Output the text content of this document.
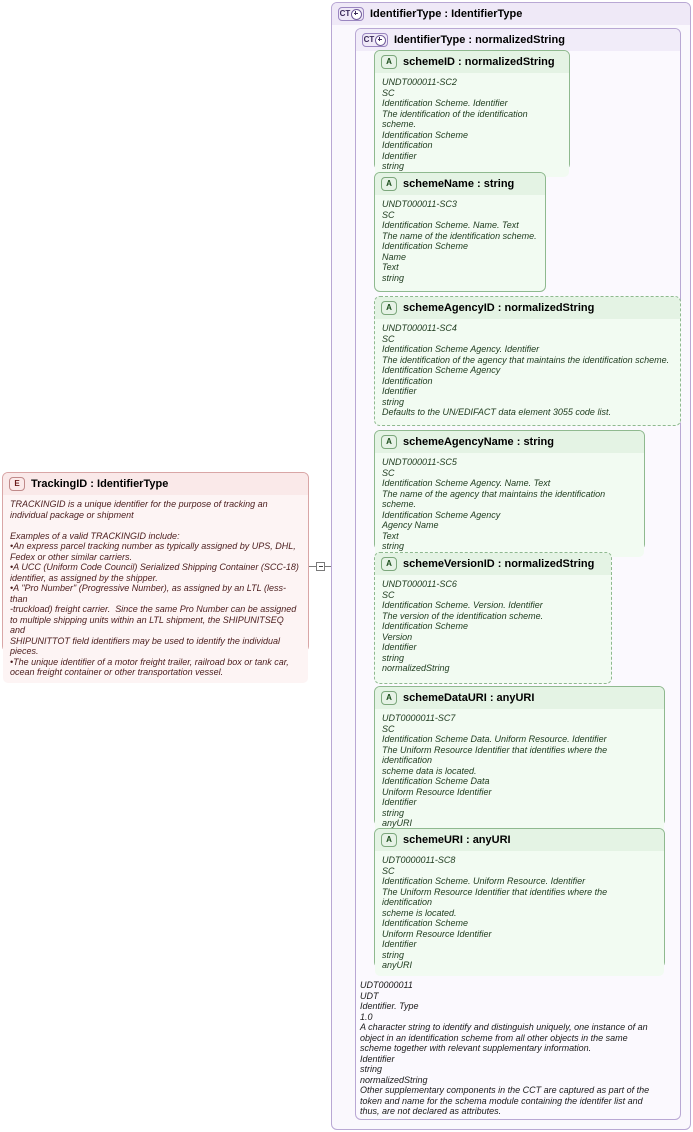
CT IdentifierType : IdentifierType
CT IdentifierType : normalizedString
E	TrackingID : IdentifierType
TRACKINGID is a unique identifier for the purpose of tracking an
individual package or shipment

Examples of a valid TRACKINGID include:
•An express parcel tracking number as typically assigned by UPS, DHL,
Fedex or other similar carriers.
•A UCC (Uniform Code Council) Serialized Shipping Container (SCC-18)
identifier, as assigned by the shipper.
•A "Pro Number" (Progressive Number), as assigned by an LTL (less-than
-truckload) freight carrier.  Since the same Pro Number can be assigned
to multiple shipping units within an LTL shipment, the SHIPUNITSEQ and
SHIPUNITTOT field identifiers may be used to identify the individual
pieces.
•The unique identifier of a motor freight trailer, railroad box or tank car,
ocean freight container or other transportation vessel.
A	schemeID : normalizedString
UNDT000011-SC2
SC
Identification Scheme. Identifier
The identification of the identification scheme.
Identification Scheme
Identification
Identifier
string
A	schemeName : string
UNDT000011-SC3
SC
Identification Scheme. Name. Text
The name of the identification scheme.
Identification Scheme
Name
Text
string
A	schemeAgencyID : normalizedString
UNDT000011-SC4
SC
Identification Scheme Agency. Identifier
The identification of the agency that maintains the identification scheme.
Identification Scheme Agency
Identification
Identifier
string
Defaults to the UN/EDIFACT data element 3055 code list.
A	schemeAgencyName : string
UNDT000011-SC5
SC
Identification Scheme Agency. Name. Text
The name of the agency that maintains the identification scheme.
Identification Scheme Agency
Agency Name
Text
string
A	schemeVersionID : normalizedString
UNDT000011-SC6
SC
Identification Scheme. Version. Identifier
The version of the identification scheme.
Identification Scheme
Version
Identifier
string
normalizedString
A	schemeDataURI : anyURI
UDT0000011-SC7
SC
Identification Scheme Data. Uniform Resource. Identifier
The Uniform Resource Identifier that identifies where the identification
scheme data is located.
Identification Scheme Data
Uniform Resource Identifier
Identifier
string
anyURI
A	schemeURI : anyURI
UDT0000011-SC8
SC
Identification Scheme. Uniform Resource. Identifier
The Uniform Resource Identifier that identifies where the identification
scheme is located.
Identification Scheme
Uniform Resource Identifier
Identifier
string
anyURI
UDT0000011
UDT
Identifier. Type
1.0
A character string to identify and distinguish uniquely, one instance of an
object in an identification scheme from all other objects in the same
scheme together with relevant supplementary information.
Identifier
string
normalizedString
Other supplementary components in the CCT are captured as part of the
token and name for the schema module containing the identifer list and
thus, are not declared as attributes.
